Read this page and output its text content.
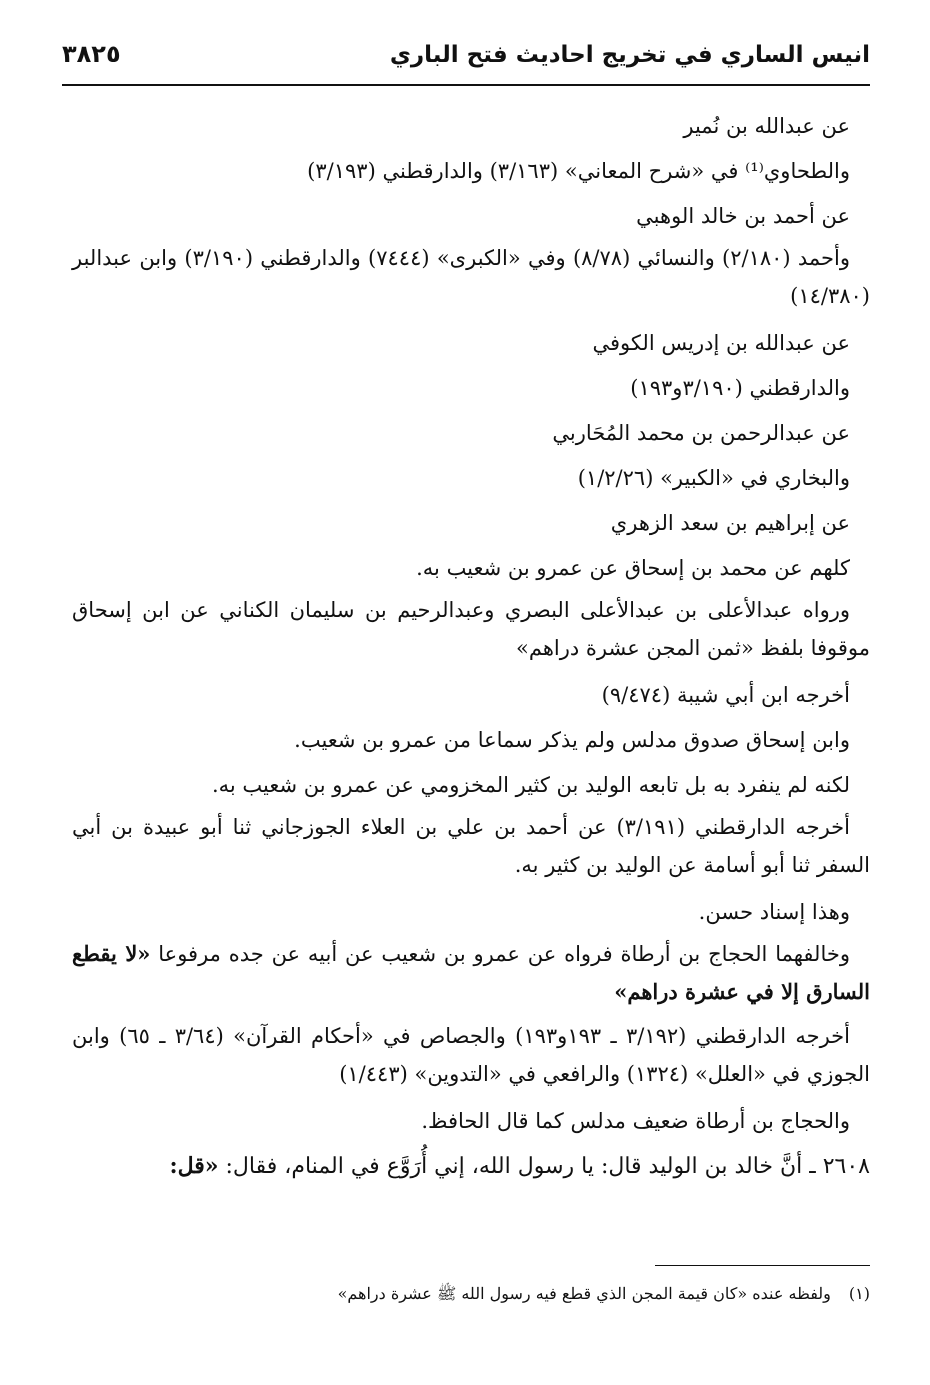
انيس الساري في تخريج احاديث فتح الباري
٣٨٢٥
عن عبدالله بن نُمير
والطحاوي⁽¹⁾ في «شرح المعاني» (٣/١٦٣) والدارقطني (٣/١٩٣)
عن أحمد بن خالد الوهبي
وأحمد (٢/١٨٠) والنسائي (٨/٧٨) وفي «الكبرى» (٧٤٤٤) والدارقطني (٣/١٩٠) وابن عبدالبر (١٤/٣٨٠)
عن عبدالله بن إدريس الكوفي
والدارقطني (٣/١٩٠و١٩٣)
عن عبدالرحمن بن محمد المُحَاربي
والبخاري في «الكبير» (١/٢/٢٦)
عن إبراهيم بن سعد الزهري
كلهم عن محمد بن إسحاق عن عمرو بن شعيب به.
ورواه عبدالأعلى بن عبدالأعلى البصري وعبدالرحيم بن سليمان الكناني عن ابن إسحاق موقوفا بلفظ «ثمن المجن عشرة دراهم»
أخرجه ابن أبي شيبة (٩/٤٧٤)
وابن إسحاق صدوق مدلس ولم يذكر سماعا من عمرو بن شعيب.
لكنه لم ينفرد به بل تابعه الوليد بن كثير المخزومي عن عمرو بن شعيب به.
أخرجه الدارقطني (٣/١٩١) عن أحمد بن علي بن العلاء الجوزجاني ثنا أبو عبيدة بن أبي السفر ثنا أبو أسامة عن الوليد بن كثير به.
وهذا إسناد حسن.
وخالفهما الحجاج بن أرطاة فرواه عن عمرو بن شعيب عن أبيه عن جده مرفوعا «لا يقطع السارق إلا في عشرة دراهم»
أخرجه الدارقطني (٣/١٩٢ ـ ١٩٣و١٩٣) والجصاص في «أحكام القرآن» (٣/٦٤ ـ ٦٥) وابن الجوزي في «العلل» (١٣٢٤) والرافعي في «التدوين» (١/٤٤٣)
والحجاج بن أرطاة ضعيف مدلس كما قال الحافظ.
٢٦٠٨ ـ أنَّ خالد بن الوليد قال: يا رسول الله، إني أُرَوَّع في المنام، فقال: «قل:
(١)ولفظه عنده «كان قيمة المجن الذي قطع فيه رسول الله ﷺ عشرة دراهم»
